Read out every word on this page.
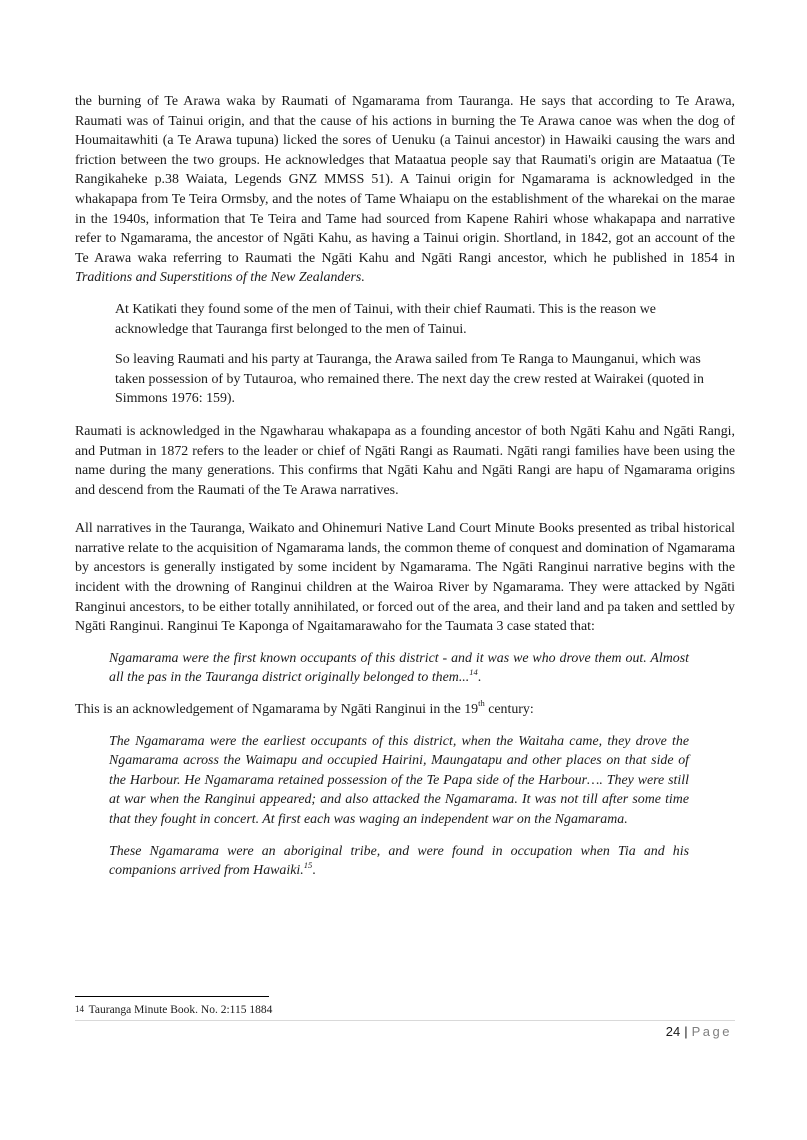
the burning of Te Arawa waka by Raumati of Ngamarama from Tauranga. He says that according to Te Arawa, Raumati was of Tainui origin, and that the cause of his actions in burning the Te Arawa canoe was when the dog of Houmaitawhiti (a Te Arawa tupuna) licked the sores of Uenuku (a Tainui ancestor) in Hawaiki causing the wars and friction between the two groups. He acknowledges that Mataatua people say that Raumati's origin are Mataatua (Te Rangikaheke p.38 Waiata, Legends GNZ MMSS 51). A Tainui origin for Ngamarama is acknowledged in the whakapapa from Te Teira Ormsby, and the notes of Tame Whaiapu on the establishment of the wharekai on the marae in the 1940s, information that Te Teira and Tame had sourced from Kapene Rahiri whose whakapapa and narrative refer to Ngamarama, the ancestor of Ngāti Kahu, as having a Tainui origin. Shortland, in 1842, got an account of the Te Arawa waka referring to Raumati the Ngāti Kahu and Ngāti Rangi ancestor, which he published in 1854 in Traditions and Superstitions of the New Zealanders.

At Katikati they found some of the men of Tainui, with their chief Raumati. This is the reason we acknowledge that Tauranga first belonged to the men of Tainui.

So leaving Raumati and his party at Tauranga, the Arawa sailed from Te Ranga to Maunganui, which was taken possession of by Tutauroa, who remained there. The next day the crew rested at Wairakei (quoted in Simmons 1976: 159).

Raumati is acknowledged in the Ngawharau whakapapa as a founding ancestor of both Ngāti Kahu and Ngāti Rangi, and Putman in 1872 refers to the leader or chief of Ngāti Rangi as Raumati. Ngāti rangi families have been using the name during the many generations. This confirms that Ngāti Kahu and Ngāti Rangi are hapu of Ngamarama origins and descend from the Raumati of the Te Arawa narratives.

All narratives in the Tauranga, Waikato and Ohinemuri Native Land Court Minute Books presented as tribal historical narrative relate to the acquisition of Ngamarama lands, the common theme of conquest and domination of Ngamarama by ancestors is generally instigated by some incident by Ngamarama. The Ngāti Ranginui narrative begins with the incident with the drowning of Ranginui children at the Wairoa River by Ngamarama. They were attacked by Ngāti Ranginui ancestors, to be either totally annihilated, or forced out of the area, and their land and pa taken and settled by Ngāti Ranginui. Ranginui Te Kaponga of Ngaitamarawaho for the Taumata 3 case stated that:

Ngamarama were the first known occupants of this district - and it was we who drove them out. Almost all the pas in the Tauranga district originally belonged to them...$^{14}$.

This is an acknowledgement of Ngamarama by Ngāti Ranginui in the 19th century:

The Ngamarama were the earliest occupants of this district, when the Waitaha came, they drove the Ngamarama across the Waimapu and occupied Hairini, Maungatapu and other places on that side of the Harbour. He Ngamarama retained possession of the Te Papa side of the Harbour…. They were still at war when the Ranginui appeared; and also attacked the Ngamarama. It was not till after some time that they fought in concert. At first each was waging an independent war on the Ngamarama.

These Ngamarama were an aboriginal tribe, and were found in occupation when Tia and his companions arrived from Hawaiki.$^{15}$.

14 Tauranga Minute Book. No. 2:115 1884
24 | Page
